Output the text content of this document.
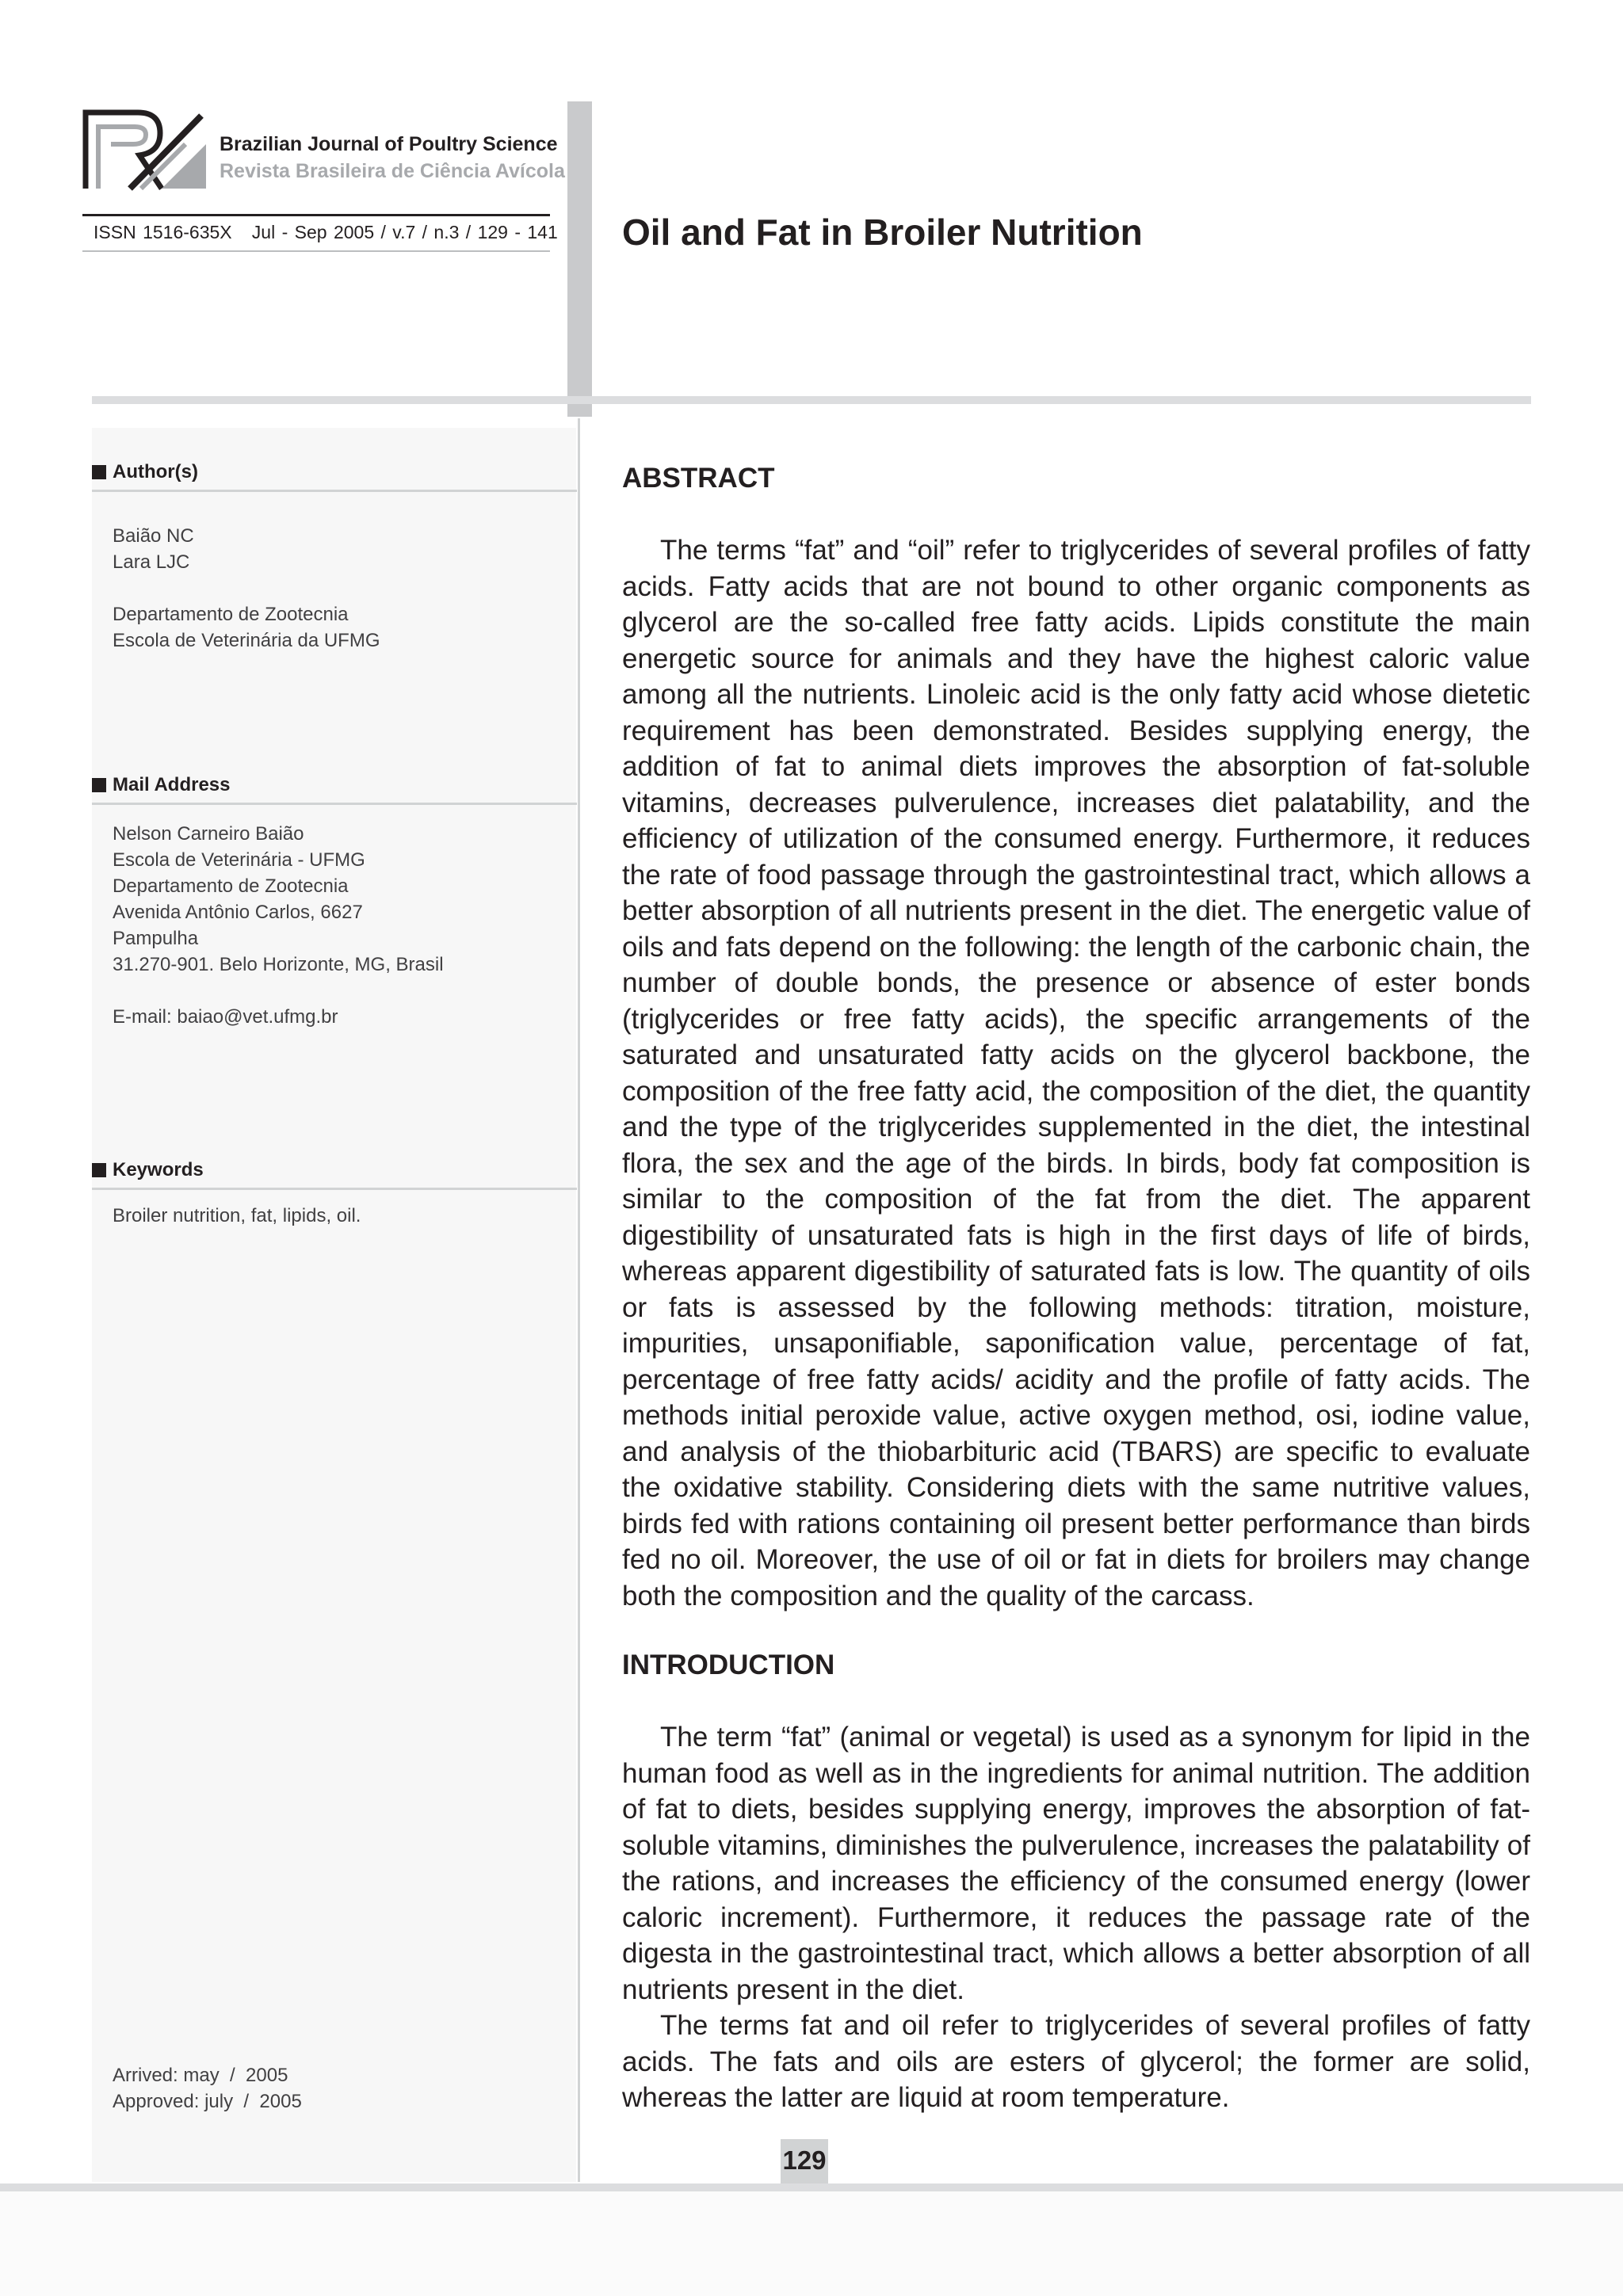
Brazilian Journal of Poultry Science
Revista Brasileira de Ciência Avícola
ISSN 1516-635X Jul - Sep 2005 / v.7 / n.3 / 129 - 141 Oil and Fat in Broiler Nutrition
Author(s)
Baião NC
Lara LJC

Departamento de Zootecnia
Escola de Veterinária da UFMG
Mail Address
Nelson Carneiro Baião
Escola de Veterinária - UFMG
Departamento de Zootecnia
Avenida Antônio Carlos, 6627
Pampulha
31.270-901. Belo Horizonte, MG, Brasil

E-mail: baiao@vet.ufmg.br
Keywords
Broiler nutrition, fat, lipids, oil.
Arrived: may  /  2005
Approved: july  /  2005
ABSTRACT

The terms “fat” and “oil” refer to triglycerides of several profiles of fatty acids. Fatty acids that are not bound to other organic components as glycerol are the so-called free fatty acids. Lipids constitute the main energetic source for animals and they have the highest caloric value among all the nutrients. Linoleic acid is the only fatty acid whose dietetic requirement has been demonstrated. Besides supplying energy, the addition of fat to animal diets improves the absorption of fat-soluble vitamins, decreases pulverulence, increases diet palatability, and the efficiency of utilization of the consumed energy. Furthermore, it reduces the rate of food passage through the gastrointestinal tract, which allows a better absorption of all nutrients present in the diet. The energetic value of oils and fats depend on the following: the length of the carbonic chain, the number of double bonds, the presence or absence of ester bonds (triglycerides or free fatty acids), the specific arrangements of the saturated and unsaturated fatty acids on the glycerol backbone, the composition of the free fatty acid, the composition of the diet, the quantity and the type of the triglycerides supplemented in the diet, the intestinal flora, the sex and the age of the birds. In birds, body fat composition is similar to the composition of the fat from the diet. The apparent digestibility of unsaturated fats is high in the first days of life of birds, whereas apparent digestibility of saturated fats is low. The quantity of oils or fats is assessed by the following methods: titration, moisture, impurities, unsaponifiable, saponification value, percentage of fat, percentage of free fatty acids/ acidity and the profile of fatty acids. The methods initial peroxide value, active oxygen method, osi, iodine value, and analysis of the thiobarbituric acid (TBARS) are specific to evaluate the oxidative stability. Considering diets with the same nutritive values, birds fed with rations containing oil present better performance than birds fed no oil. Moreover, the use of oil or fat in diets for broilers may change both the composition and the quality of the carcass.

INTRODUCTION

The term “fat” (animal or vegetal) is used as a synonym for lipid in the human food as well as in the ingredients for animal nutrition. The addition of fat to diets, besides supplying energy, improves the absorption of fat-soluble vitamins, diminishes the pulverulence, increases the palatability of the rations, and increases the efficiency of the consumed energy (lower caloric increment). Furthermore, it reduces the passage rate of the digesta in the gastrointestinal tract, which allows a better absorption of all nutrients present in the diet.

The terms fat and oil refer to triglycerides of several profiles of fatty acids. The fats and oils are esters of glycerol; the former are solid, whereas the latter are liquid at room temperature.

129
